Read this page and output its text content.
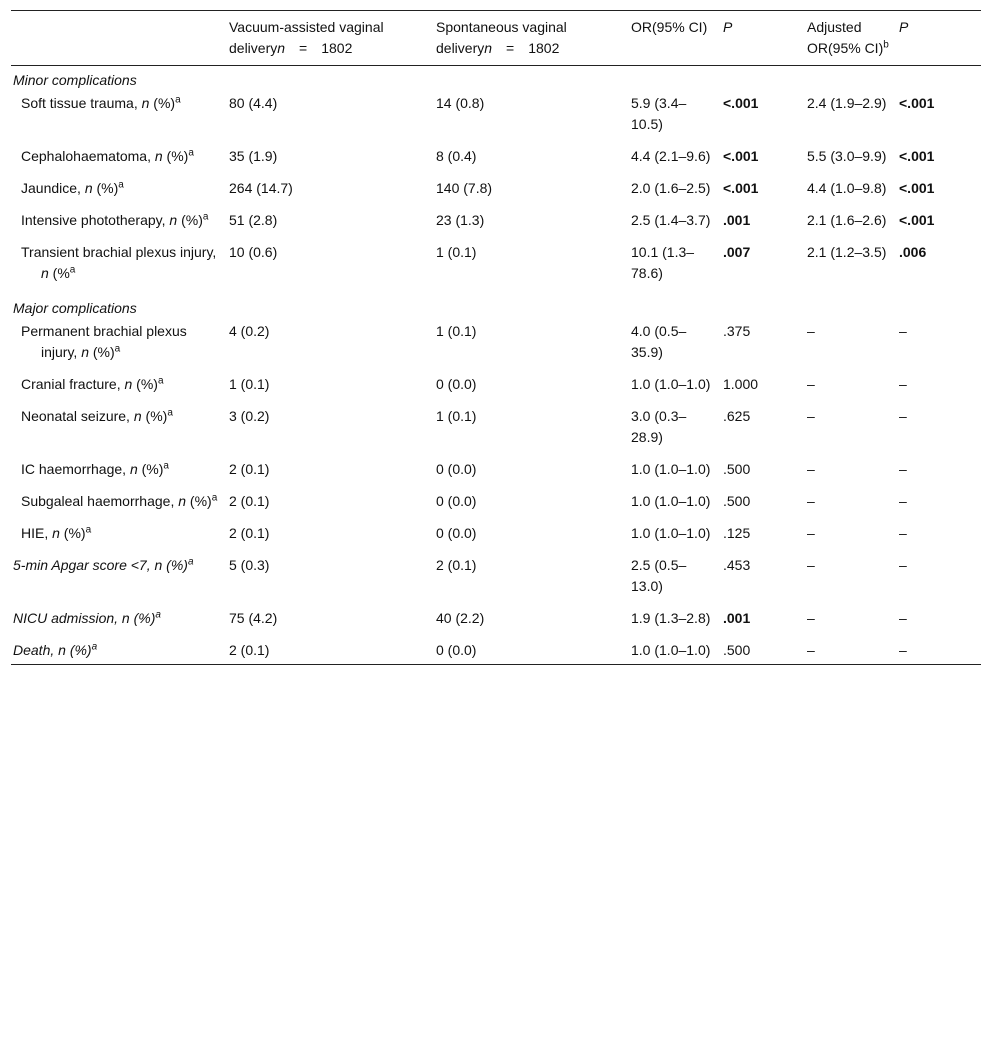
	Vacuum-assisted vaginal deliveryn = 1802	Spontaneous vaginal deliveryn = 1802	OR(95% CI)	P	Adjusted OR(95% CI)$^b$	P
Minor complications						
Soft tissue trauma, n (%)$^a$	80 (4.4)	14 (0.8)	5.9 (3.4–10.5)	<.001	2.4 (1.9–2.9)	<.001
Cephalohaematoma, n (%)$^a$	35 (1.9)	8 (0.4)	4.4 (2.1–9.6)	<.001	5.5 (3.0–9.9)	<.001
Jaundice, n (%)$^a$	264 (14.7)	140 (7.8)	2.0 (1.6–2.5)	<.001	4.4 (1.0–9.8)	<.001
Intensive phototherapy, n (%)$^a$	51 (2.8)	23 (1.3)	2.5 (1.4–3.7)	.001	2.1 (1.6–2.6)	<.001
Transient brachial plexus injury, n (%$^a$	10 (0.6)	1 (0.1)	10.1 (1.3–78.6)	.007	2.1 (1.2–3.5)	.006
Major complications						
Permanent brachial plexus injury, n (%)$^a$	4 (0.2)	1 (0.1)	4.0 (0.5–35.9)	.375	–	–
Cranial fracture, n (%)$^a$	1 (0.1)	0 (0.0)	1.0 (1.0–1.0)	1.000	–	–
Neonatal seizure, n (%)$^a$	3 (0.2)	1 (0.1)	3.0 (0.3–28.9)	.625	–	–
IC haemorrhage, n (%)$^a$	2 (0.1)	0 (0.0)	1.0 (1.0–1.0)	.500	–	–
Subgaleal haemorrhage, n (%)$^a$	2 (0.1)	0 (0.0)	1.0 (1.0–1.0)	.500	–	–
HIE, n (%)$^a$	2 (0.1)	0 (0.0)	1.0 (1.0–1.0)	.125	–	–
5-min Apgar score <7, n (%)$^a$	5 (0.3)	2 (0.1)	2.5 (0.5–13.0)	.453	–	–
NICU admission, n (%)$^a$	75 (4.2)	40 (2.2)	1.9 (1.3–2.8)	.001	–	–
Death, n (%)$^a$	2 (0.1)	0 (0.0)	1.0 (1.0–1.0)	.500	–	–
